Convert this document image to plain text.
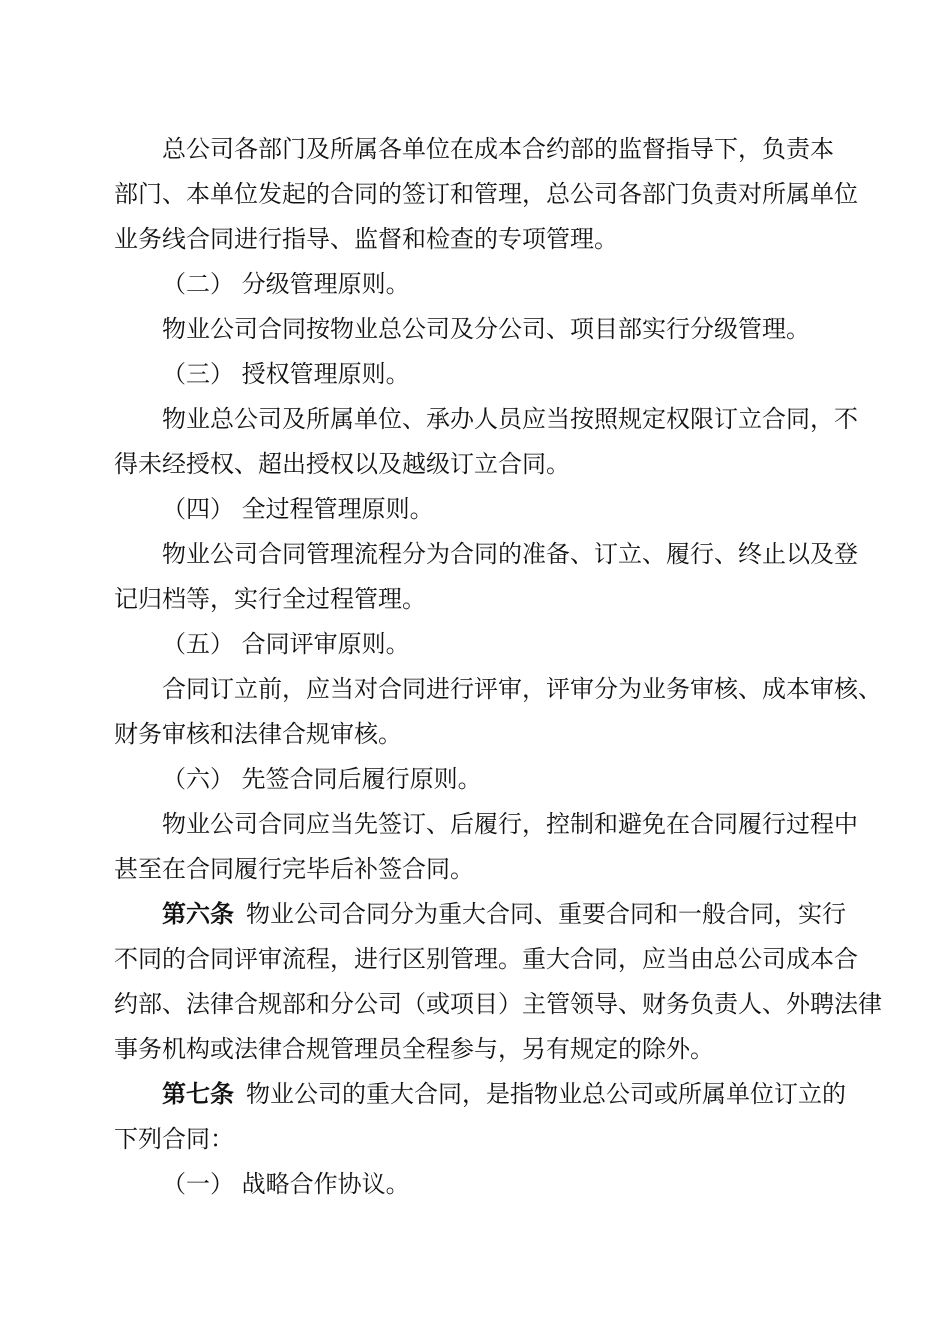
总公司各部门及所属各单位在成本合约部的监督指导下，负责本
部门、本单位发起的合同的签订和管理，总公司各部门负责对所属单位
业务线合同进行指导、监督和检查的专项管理。
（二） 分级管理原则。
物业公司合同按物业总公司及分公司、项目部实行分级管理。
（三） 授权管理原则。
物业总公司及所属单位、承办人员应当按照规定权限订立合同，不
得未经授权、超出授权以及越级订立合同。
（四） 全过程管理原则。
物业公司合同管理流程分为合同的准备、订立、履行、终止以及登
记归档等，实行全过程管理。
（五） 合同评审原则。
合同订立前，应当对合同进行评审，评审分为业务审核、成本审核、
财务审核和法律合规审核。
（六） 先签合同后履行原则。
物业公司合同应当先签订、后履行，控制和避免在合同履行过程中
甚至在合同履行完毕后补签合同。
第六条 物业公司合同分为重大合同、重要合同和一般合同，实行
不同的合同评审流程，进行区别管理。重大合同，应当由总公司成本合
约部、法律合规部和分公司（或项目）主管领导、财务负责人、外聘法律
事务机构或法律合规管理员全程参与，另有规定的除外。
第七条 物业公司的重大合同，是指物业总公司或所属单位订立的
下列合同：
（一） 战略合作协议。
